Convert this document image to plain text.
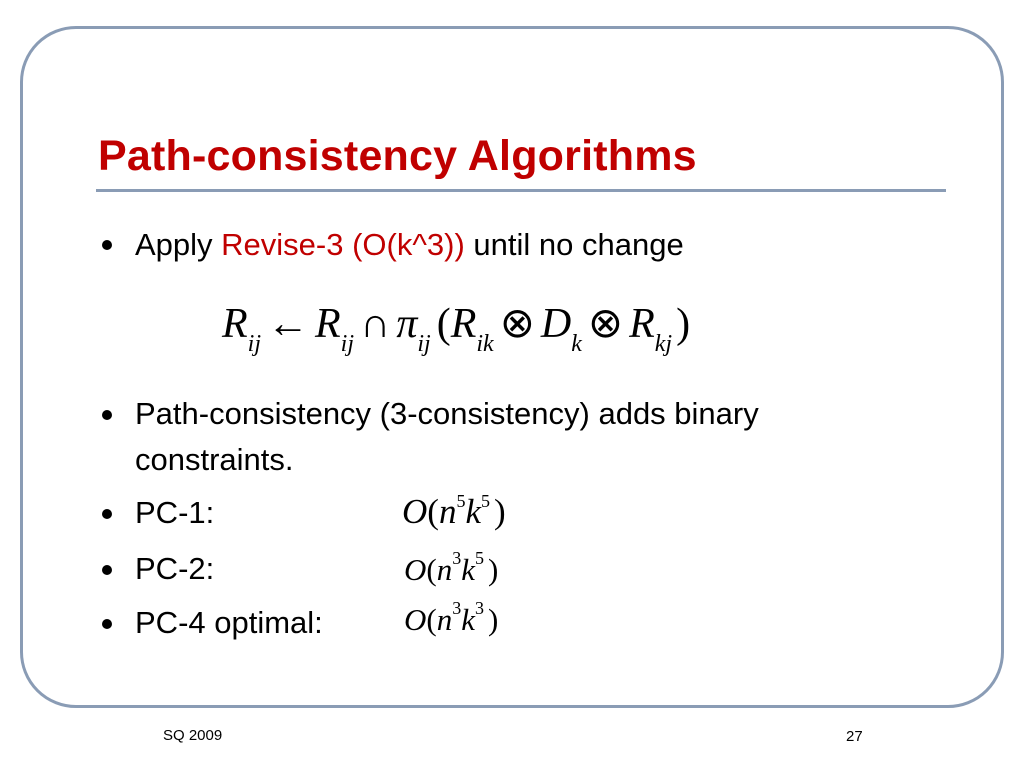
Path-consistency Algorithms
Apply Revise-3 (O(k^3)) until no change
$R_{ij}$ ← $R_{ij}$ ∩ $\pi_{ij}$ ($R_{ik}$ ⊗ $D_k$ ⊗ $R_{kj}$)
Path-consistency (3-consistency) adds binary
constraints.
PC-1:	$O(n^5k^5$ )
PC-2:	$O(n^3k^5$ )
PC-4 optimal:	$O(n^3k^3$ )
SQ 2009	27
